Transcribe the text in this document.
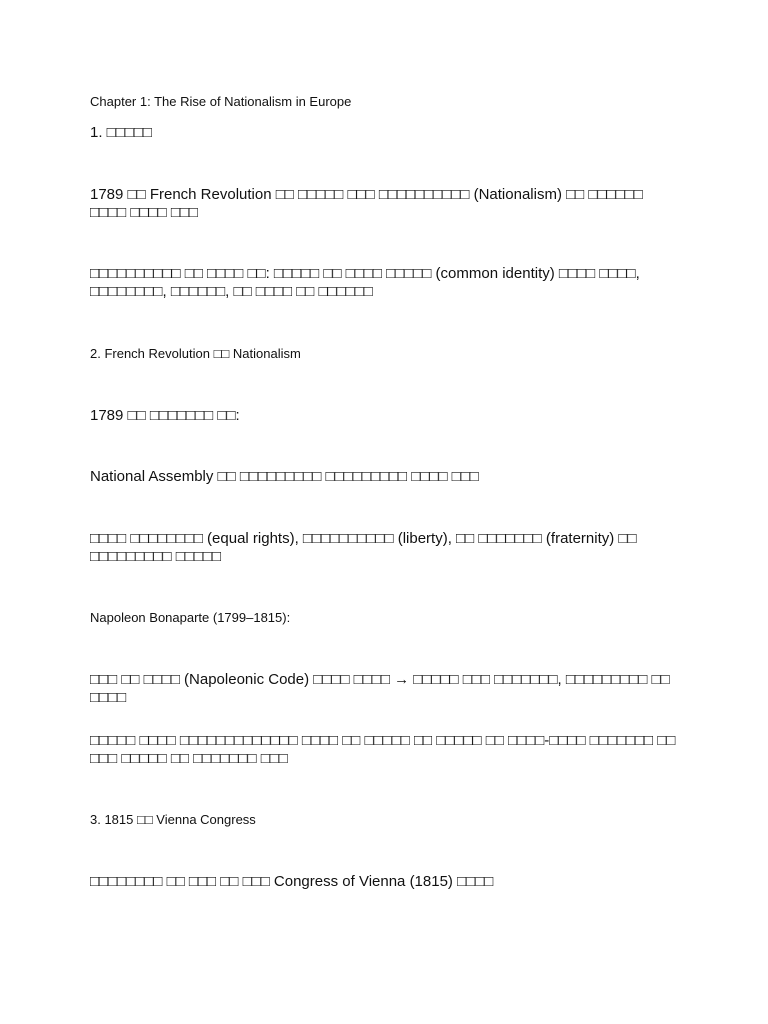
Chapter 1: The Rise of Nationalism in Europe
1. □□□□□
1789 □□ French Revolution □□ □□□□□ □□□ □□□□□□□□□□ (Nationalism) □□ □□□□□□ □□□□ □□□□ □□□
□□□□□□□□□□ □□ □□□□ □□: □□□□□ □□ □□□□ □□□□□ (common identity) □□□□ □□□□, □□□□□□□□, □□□□□□, □□ □□□□ □□ □□□□□□
2. French Revolution □□ Nationalism
1789 □□ □□□□□□□ □□:
National Assembly □□ □□□□□□□□□ □□□□□□□□□ □□□□ □□□
□□□□ □□□□□□□□ (equal rights), □□□□□□□□□□ (liberty), □□ □□□□□□□ (fraternity) □□ □□□□□□□□□ □□□□□
Napoleon Bonaparte (1799–1815):
□□□ □□ □□□□ (Napoleonic Code) □□□□ □□□□ → □□□□□ □□□ □□□□□□□, □□□□□□□□□ □□ □□□□
□□□□□ □□□□ □□□□□□□□□□□□□ □□□□ □□ □□□□□ □□ □□□□□ □□ □□□□-□□□□ □□□□□□□ □□ □□□ □□□□□ □□ □□□□□□□ □□□
3. 1815 □□ Vienna Congress
□□□□□□□□ □□ □□□ □□ □□□ Congress of Vienna (1815) □□□□
